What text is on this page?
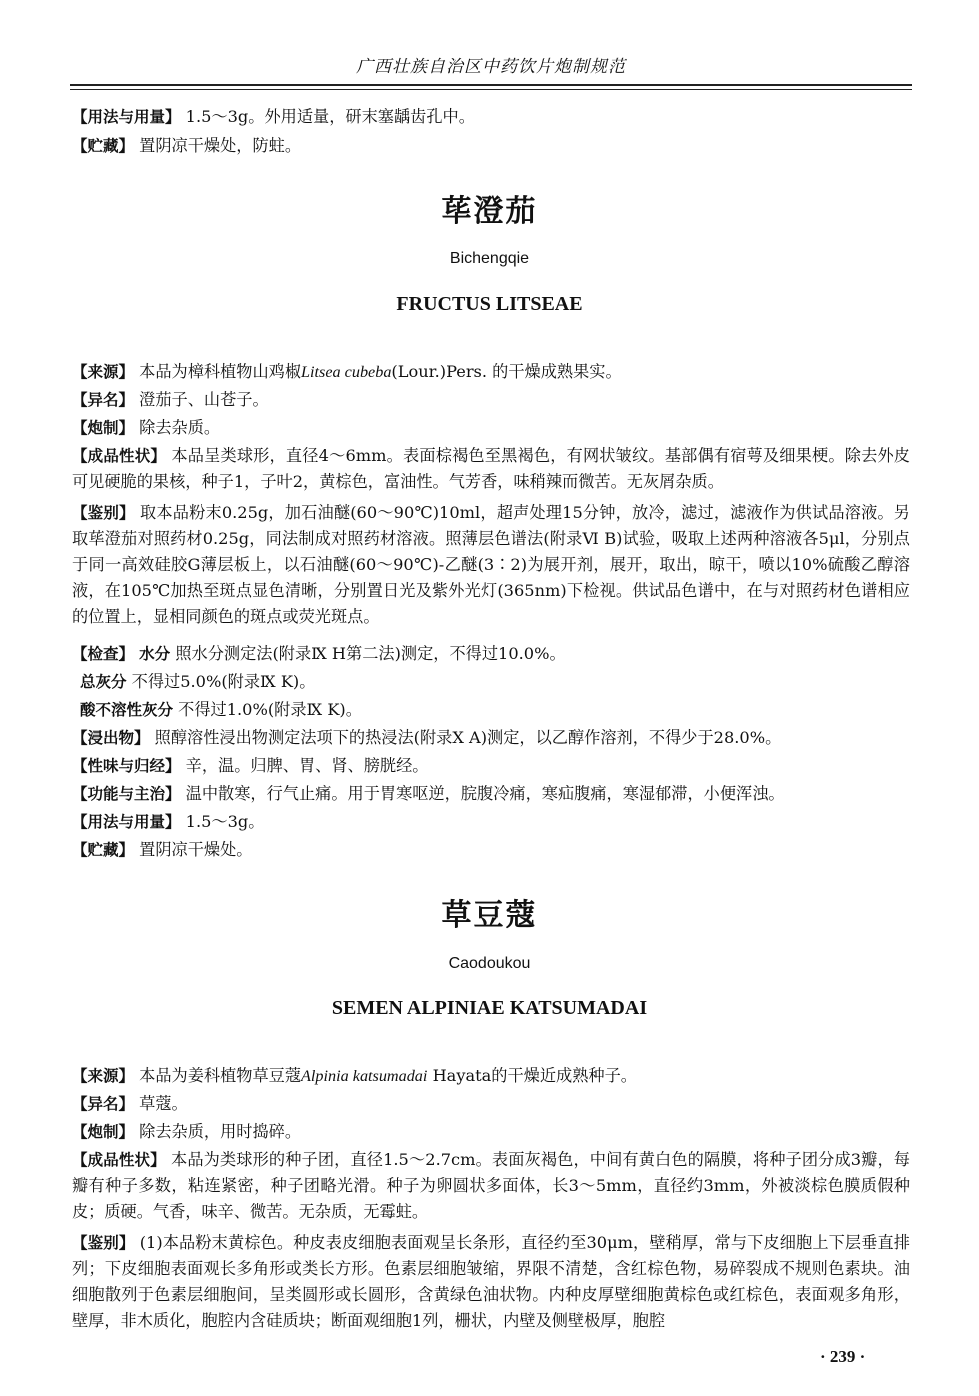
广西壮族自治区中药饮片炮制规范

【用法与用量】 1.5～3g。外用适量，研末塞龋齿孔中。

【贮藏】 置阴凉干燥处，防蛀。

荜澄茄
Bichengqie
FRUCTUS LITSEAE

【来源】 本品为樟科植物山鸡椒Litsea cubeba(Lour.)Pers. 的干燥成熟果实。

【异名】 澄茄子、山苍子。

【炮制】 除去杂质。

【成品性状】 本品呈类球形，直径4～6mm。表面棕褐色至黑褐色，有网状皱纹。基部偶有宿萼及细果梗。除去外皮可见硬脆的果核，种子1，子叶2，黄棕色，富油性。气芳香，味稍辣而微苦。无灰屑杂质。

【鉴别】 取本品粉末0.25g，加石油醚(60～90℃)10ml，超声处理15分钟，放冷，滤过，滤液作为供试品溶液。另取荜澄茄对照药材0.25g，同法制成对照药材溶液。照薄层色谱法(附录Ⅵ B)试验，吸取上述两种溶液各5μl，分别点于同一高效硅胶G薄层板上，以石油醚(60～90℃)-乙醚(3∶2)为展开剂，展开，取出，晾干，喷以10%硫酸乙醇溶液，在105℃加热至斑点显色清晰，分别置日光及紫外光灯(365nm)下检视。供试品色谱中，在与对照药材色谱相应的位置上，显相同颜色的斑点或荧光斑点。

【检查】 水分 照水分测定法(附录Ⅸ H第二法)测定，不得过10.0%。

总灰分 不得过5.0%(附录Ⅸ K)。

酸不溶性灰分 不得过1.0%(附录Ⅸ K)。

【浸出物】 照醇溶性浸出物测定法项下的热浸法(附录Ⅹ A)测定，以乙醇作溶剂，不得少于28.0%。

【性味与归经】 辛，温。归脾、胃、肾、膀胱经。

【功能与主治】 温中散寒，行气止痛。用于胃寒呕逆，脘腹冷痛，寒疝腹痛，寒湿郁滞，小便浑浊。

【用法与用量】 1.5～3g。

【贮藏】 置阴凉干燥处。

草豆蔻
Caodoukou
SEMEN ALPINIAE KATSUMADAI

【来源】 本品为姜科植物草豆蔻Alpinia katsumadai Hayata的干燥近成熟种子。

【异名】 草蔻。

【炮制】 除去杂质，用时捣碎。

【成品性状】 本品为类球形的种子团，直径1.5～2.7cm。表面灰褐色，中间有黄白色的隔膜，将种子团分成3瓣，每瓣有种子多数，粘连紧密，种子团略光滑。种子为卵圆状多面体，长3～5mm，直径约3mm，外被淡棕色膜质假种皮；质硬。气香，味辛、微苦。无杂质，无霉蛀。

【鉴别】 (1)本品粉末黄棕色。种皮表皮细胞表面观呈长条形，直径约至30μm，壁稍厚，常与下皮细胞上下层垂直排列；下皮细胞表面观长多角形或类长方形。色素层细胞皱缩，界限不清楚，含红棕色物，易碎裂成不规则色素块。油细胞散列于色素层细胞间，呈类圆形或长圆形，含黄绿色油状物。内种皮厚壁细胞黄棕色或红棕色，表面观多角形，壁厚，非木质化，胞腔内含硅质块；断面观细胞1列，栅状，内壁及侧壁极厚，胞腔

· 239 ·
